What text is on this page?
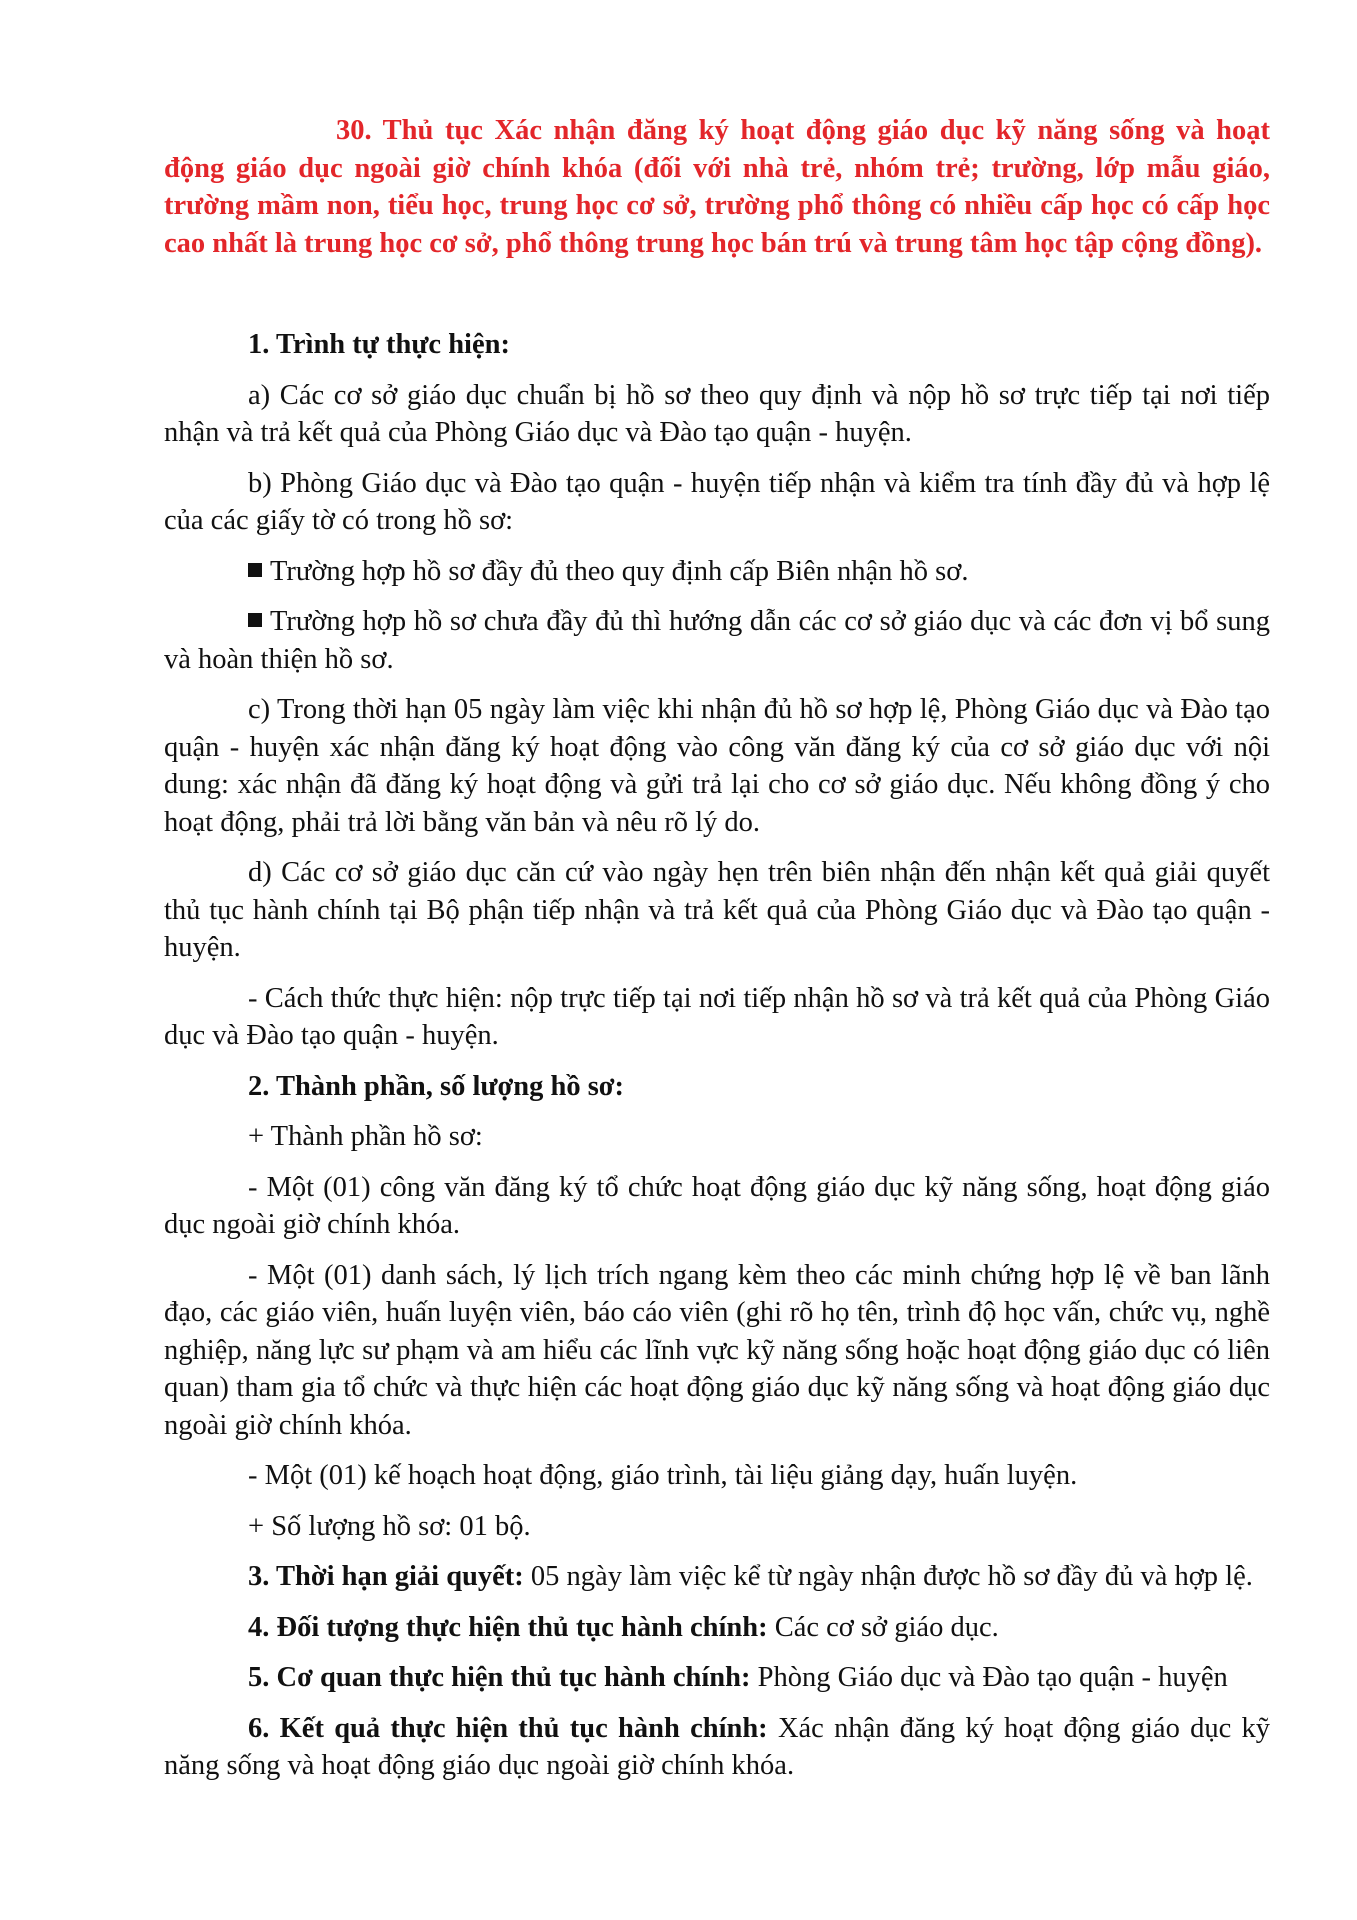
30. Thủ tục Xác nhận đăng ký hoạt động giáo dục kỹ năng sống và hoạt động giáo dục ngoài giờ chính khóa (đối với nhà trẻ, nhóm trẻ; trường, lớp mẫu giáo, trường mầm non, tiểu học, trung học cơ sở, trường phổ thông có nhiều cấp học có cấp học cao nhất là trung học cơ sở, phổ thông trung học bán trú và trung tâm học tập cộng đồng).

1. Trình tự thực hiện:

a) Các cơ sở giáo dục chuẩn bị hồ sơ theo quy định và nộp hồ sơ trực tiếp tại nơi tiếp nhận và trả kết quả của Phòng Giáo dục và Đào tạo quận - huyện.

b) Phòng Giáo dục và Đào tạo quận - huyện tiếp nhận và kiểm tra tính đầy đủ và hợp lệ của các giấy tờ có trong hồ sơ:

Trường hợp hồ sơ đầy đủ theo quy định cấp Biên nhận hồ sơ.

Trường hợp hồ sơ chưa đầy đủ thì hướng dẫn các cơ sở giáo dục và các đơn vị bổ sung và hoàn thiện hồ sơ.

c) Trong thời hạn 05 ngày làm việc khi nhận đủ hồ sơ hợp lệ, Phòng Giáo dục và Đào tạo quận - huyện xác nhận đăng ký hoạt động vào công văn đăng ký của cơ sở giáo dục với nội dung: xác nhận đã đăng ký hoạt động và gửi trả lại cho cơ sở giáo dục. Nếu không đồng ý cho hoạt động, phải trả lời bằng văn bản và nêu rõ lý do.

d) Các cơ sở giáo dục căn cứ vào ngày hẹn trên biên nhận đến nhận kết quả giải quyết thủ tục hành chính tại Bộ phận tiếp nhận và trả kết quả của Phòng Giáo dục và Đào tạo quận - huyện.

- Cách thức thực hiện: nộp trực tiếp tại nơi tiếp nhận hồ sơ và trả kết quả của Phòng Giáo dục và Đào tạo quận - huyện.

2. Thành phần, số lượng hồ sơ:

+ Thành phần hồ sơ:

- Một (01) công văn đăng ký tổ chức hoạt động giáo dục kỹ năng sống, hoạt động giáo dục ngoài giờ chính khóa.

- Một (01) danh sách, lý lịch trích ngang kèm theo các minh chứng hợp lệ về ban lãnh đạo, các giáo viên, huấn luyện viên, báo cáo viên (ghi rõ họ tên, trình độ học vấn, chức vụ, nghề nghiệp, năng lực sư phạm và am hiểu các lĩnh vực kỹ năng sống hoặc hoạt động giáo dục có liên quan) tham gia tổ chức và thực hiện các hoạt động giáo dục kỹ năng sống và hoạt động giáo dục ngoài giờ chính khóa.

- Một (01) kế hoạch hoạt động, giáo trình, tài liệu giảng dạy, huấn luyện.

+ Số lượng hồ sơ: 01 bộ.

3. Thời hạn giải quyết: 05 ngày làm việc kể từ ngày nhận được hồ sơ đầy đủ và hợp lệ.

4. Đối tượng thực hiện thủ tục hành chính: Các cơ sở giáo dục.

5. Cơ quan thực hiện thủ tục hành chính: Phòng Giáo dục và Đào tạo quận - huyện

6. Kết quả thực hiện thủ tục hành chính: Xác nhận đăng ký hoạt động giáo dục kỹ năng sống và hoạt động giáo dục ngoài giờ chính khóa.
